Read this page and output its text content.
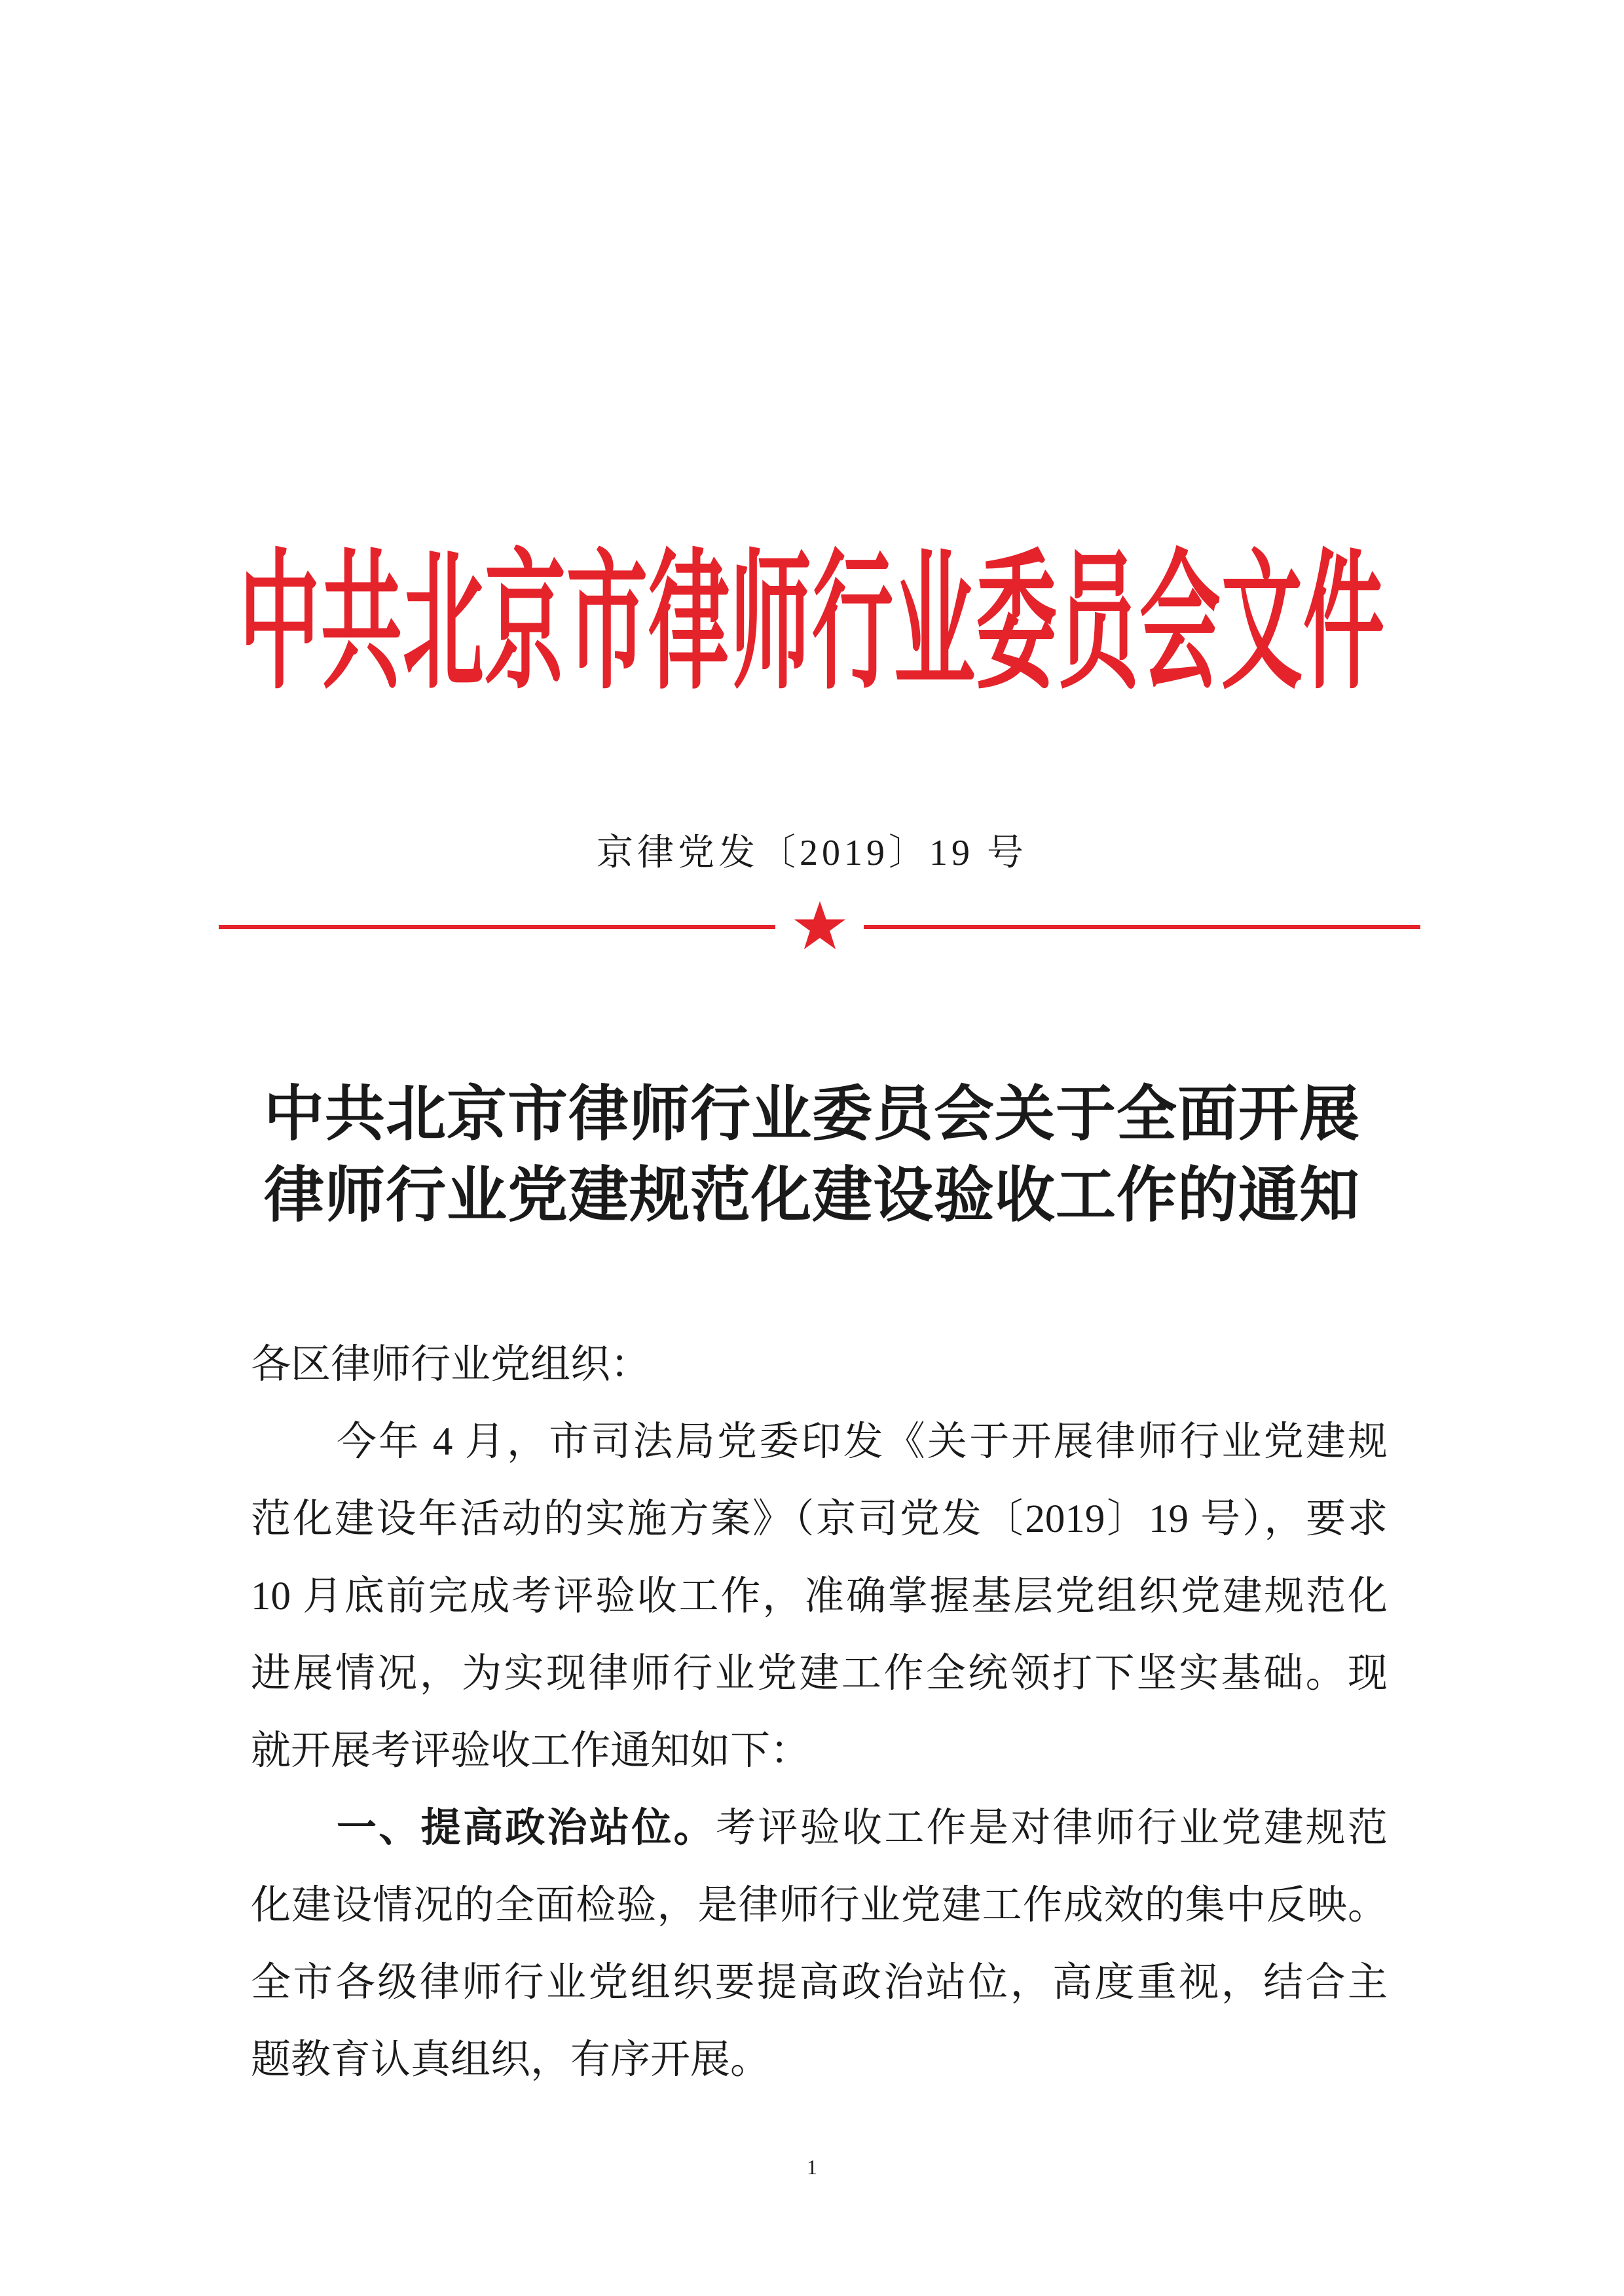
中共北京市律师行业委员会文件
京律党发〔2019〕19 号
中共北京市律师行业委员会关于全面开展
律师行业党建规范化建设验收工作的通知
各区律师行业党组织：
今年 4 月，市司法局党委印发《关于开展律师行业党建规
范化建设年活动的实施方案》（京司党发〔2019〕19 号），要求
10 月底前完成考评验收工作，准确掌握基层党组织党建规范化
进展情况，为实现律师行业党建工作全统领打下坚实基础。现
就开展考评验收工作通知如下：
一、提高政治站位。考评验收工作是对律师行业党建规范
化建设情况的全面检验，是律师行业党建工作成效的集中反映。
全市各级律师行业党组织要提高政治站位，高度重视，结合主
题教育认真组织，有序开展。
1
